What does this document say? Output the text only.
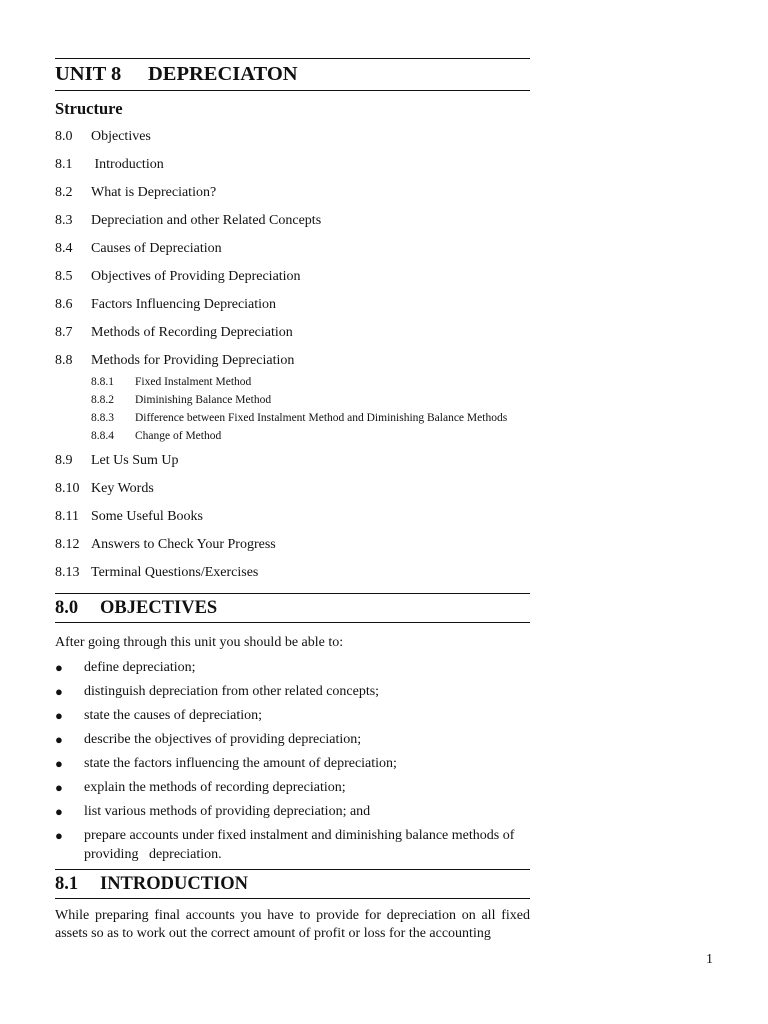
UNIT 8	DEPRECIATON
Structure
8.0	Objectives
8.1	Introduction
8.2	What is Depreciation?
8.3	Depreciation and other Related Concepts
8.4	Causes of Depreciation
8.5	Objectives of Providing Depreciation
8.6	Factors Influencing Depreciation
8.7	Methods of Recording Depreciation
8.8	Methods for Providing Depreciation
8.8.1	Fixed Instalment Method
8.8.2	Diminishing Balance Method
8.8.3	Difference between Fixed Instalment Method and Diminishing Balance Methods
8.8.4	Change of Method
8.9	Let Us Sum Up
8.10 Key Words
8.11 Some Useful Books
8.12 Answers to Check Your Progress
8.13 Terminal Questions/Exercises
8.0	OBJECTIVES
After going through this unit you should be able to:
●	define depreciation;
●	distinguish depreciation from other related concepts;
●	state the causes of depreciation;
●	describe the objectives of providing depreciation;
●	state the factors influencing the amount of depreciation;
●	explain the methods of recording depreciation;
●	list various methods of providing depreciation; and
●	prepare accounts under fixed instalment and diminishing balance methods of providing   depreciation.
8.1	INTRODUCTION
While preparing final accounts you have to provide for depreciation on all fixed assets so as to work out the correct amount of profit or loss for the accounting
1
